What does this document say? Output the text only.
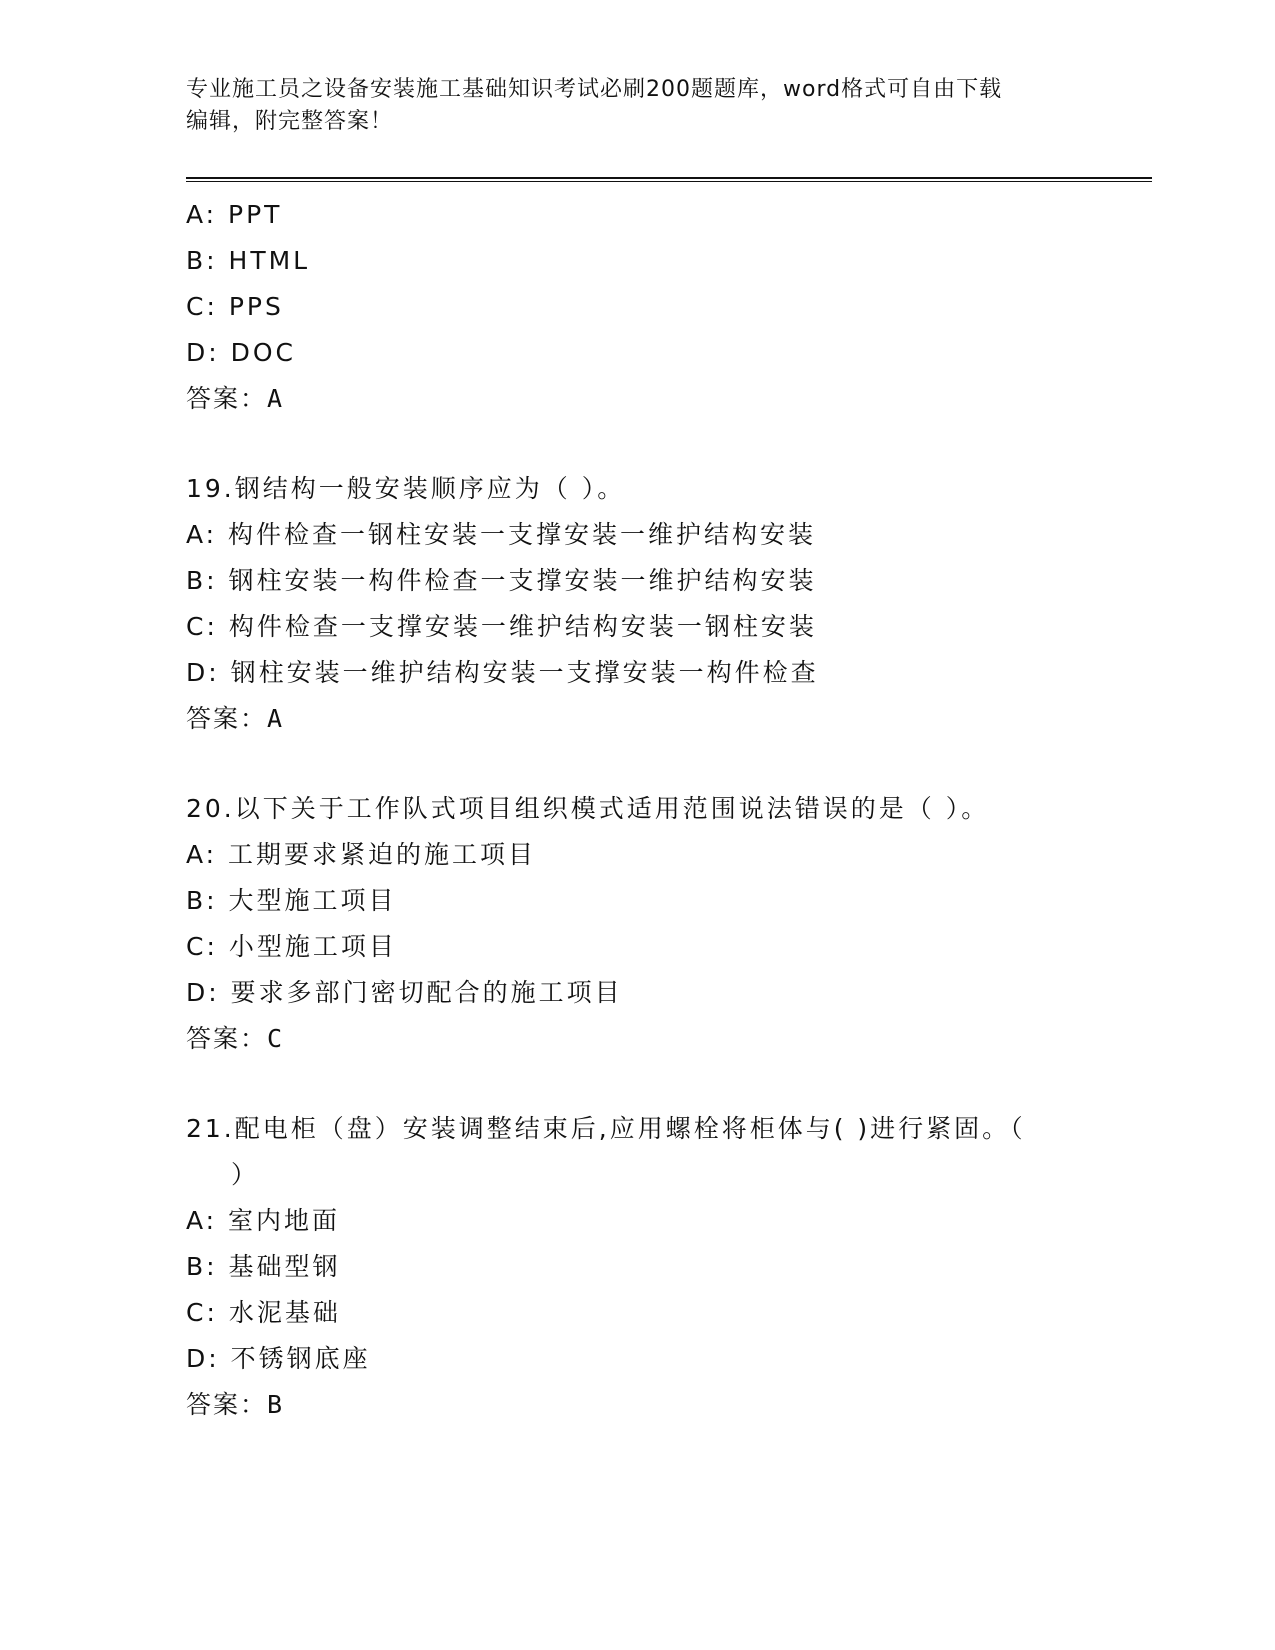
专业施工员之设备安装施工基础知识考试必刷200题题库，word格式可自由下载
编辑，附完整答案！
A: PPT
B: HTML
C: PPS
D: DOC
答案：A
19.钢结构一般安装顺序应为（ ）。
A: 构件检查一钢柱安装一支撑安装一维护结构安装
B: 钢柱安装一构件检查一支撑安装一维护结构安装
C: 构件检查一支撑安装一维护结构安装一钢柱安装
D: 钢柱安装一维护结构安装一支撑安装一构件检查
答案：A
20.以下关于工作队式项目组织模式适用范围说法错误的是（ ）。
A: 工期要求紧迫的施工项目
B: 大型施工项目
C: 小型施工项目
D: 要求多部门密切配合的施工项目
答案：C
21.配电柜（盘）安装调整结束后,应用螺栓将柜体与( )进行紧固。（
）
A: 室内地面
B: 基础型钢
C: 水泥基础
D: 不锈钢底座
答案：B
